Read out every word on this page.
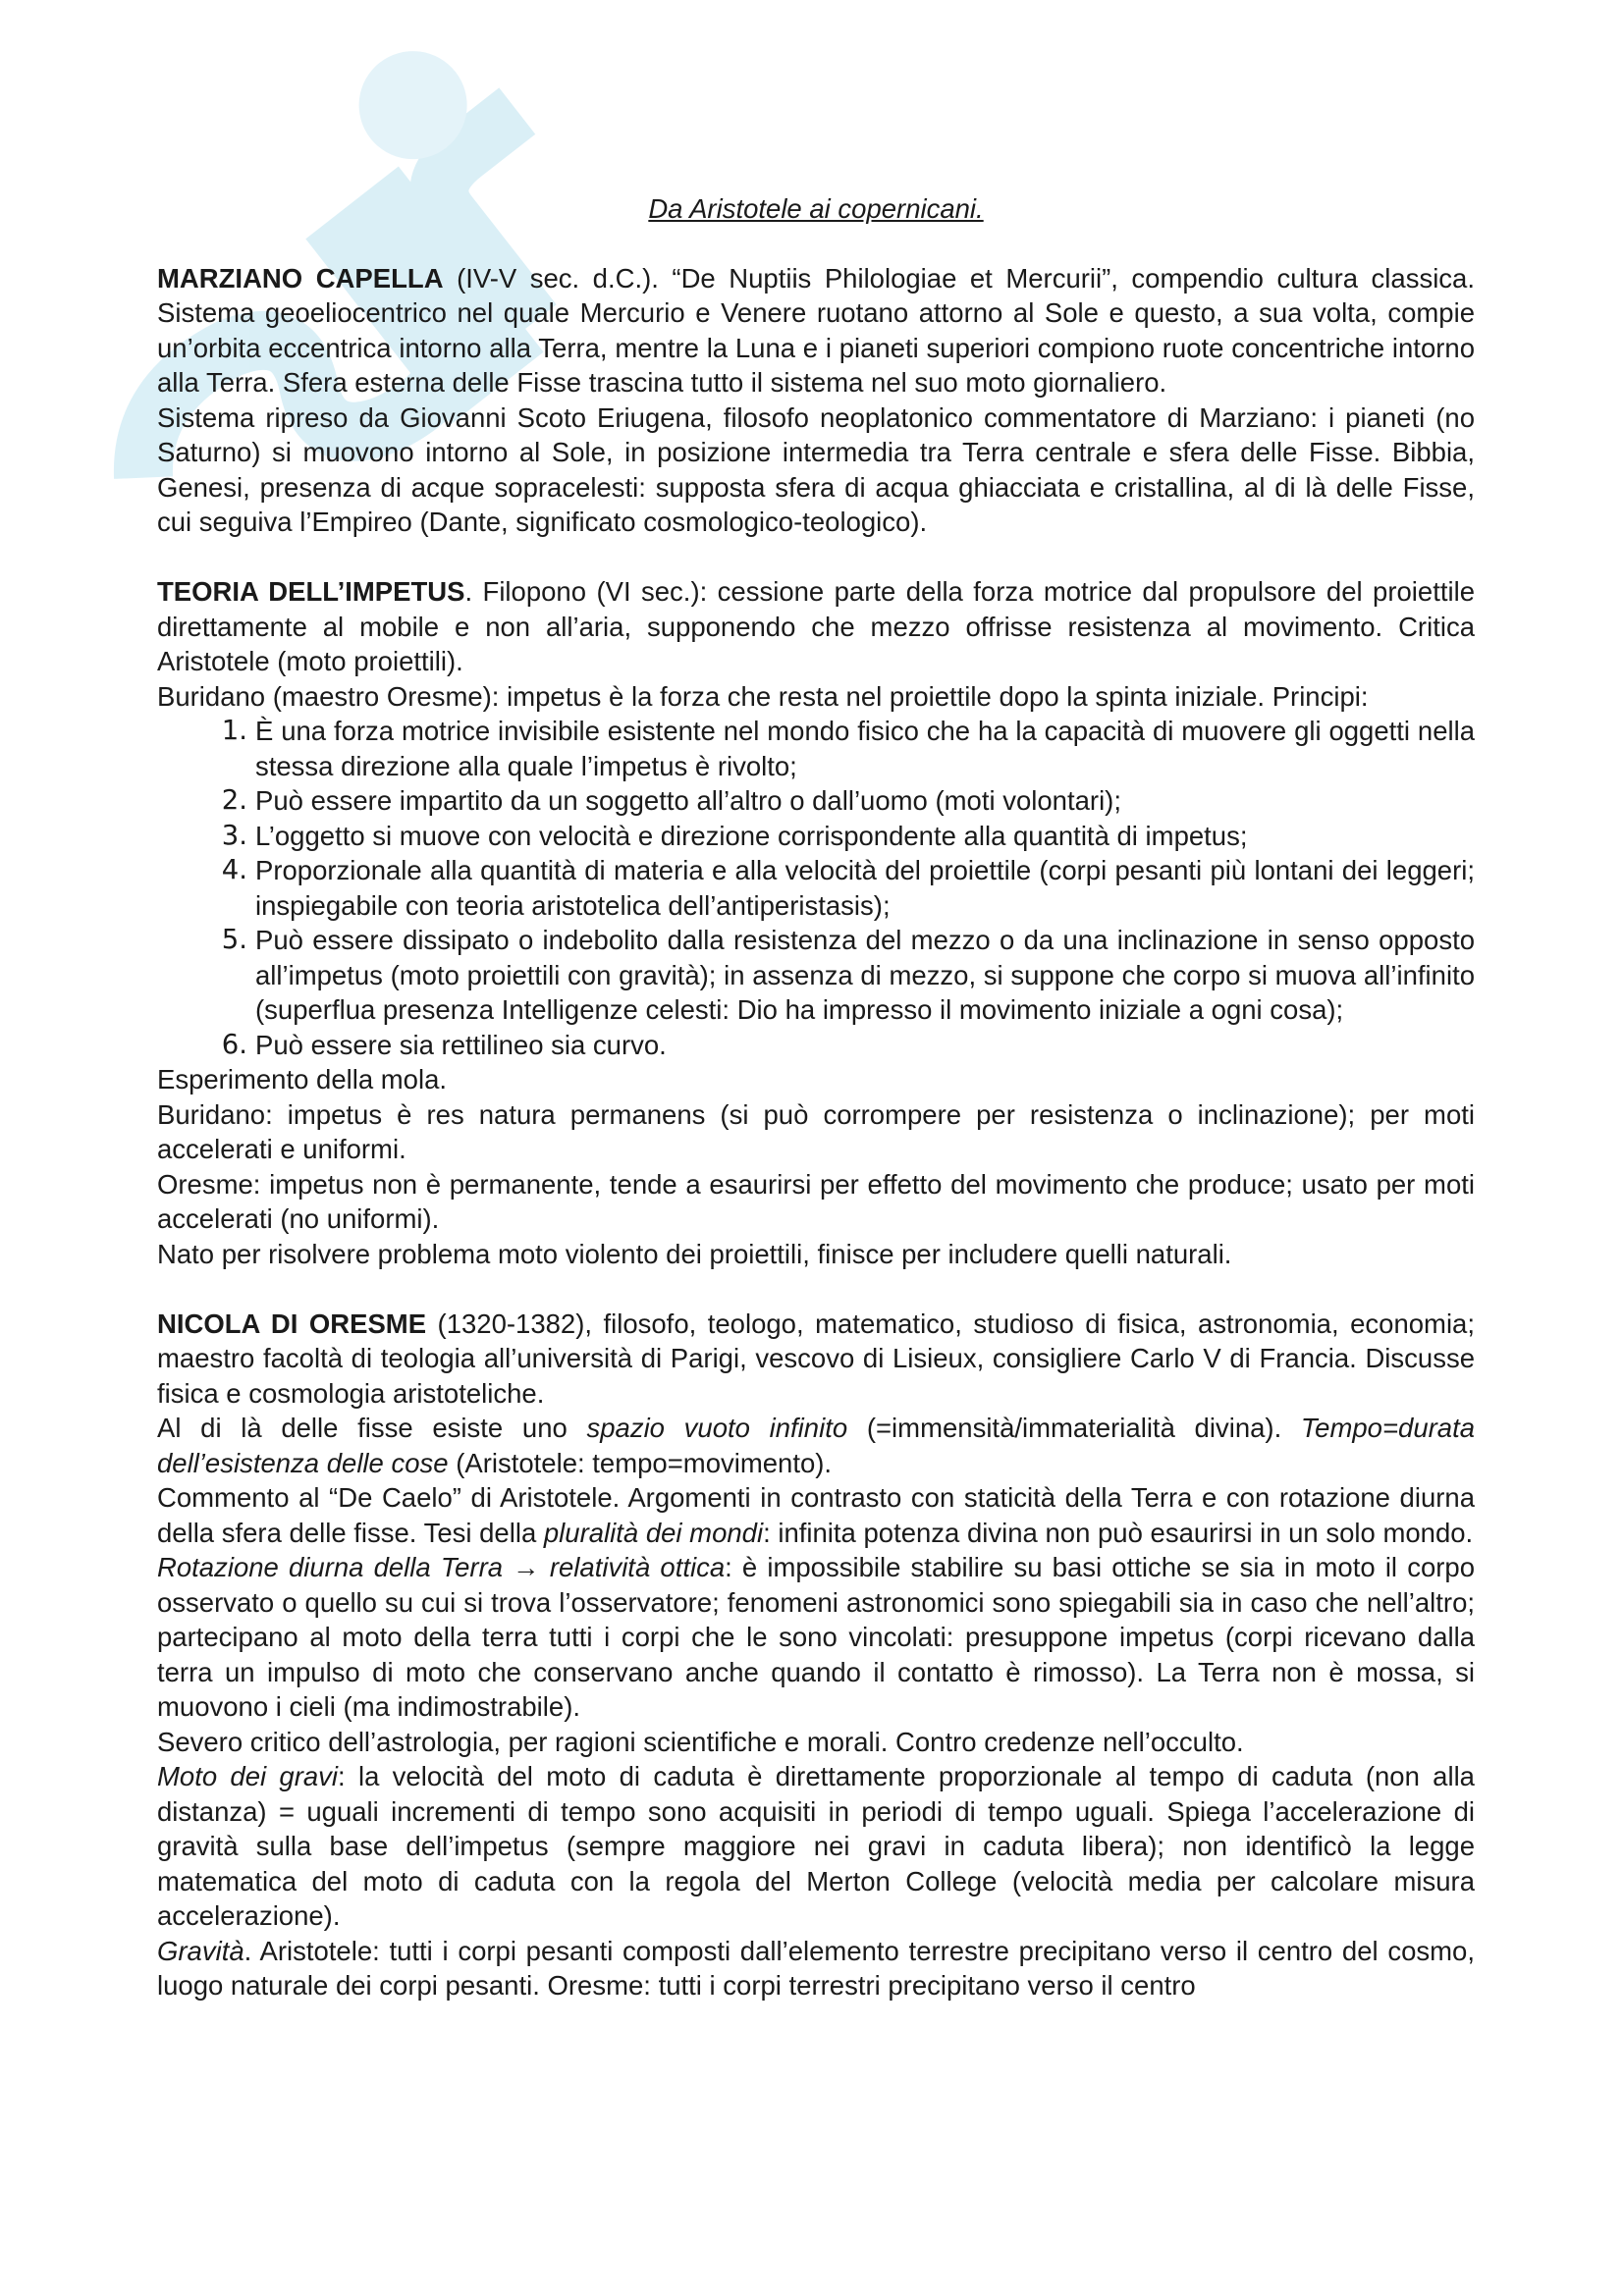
Da Aristotele ai copernicani.

MARZIANO CAPELLA (IV-V sec. d.C.). “De Nuptiis Philologiae et Mercurii”, compendio cultura classica. Sistema geoeliocentrico nel quale Mercurio e Venere ruotano attorno al Sole e questo, a sua volta, compie un’orbita eccentrica intorno alla Terra, mentre la Luna e i pianeti superiori compiono ruote concentriche intorno alla Terra. Sfera esterna delle Fisse trascina tutto il sistema nel suo moto giornaliero.

Sistema ripreso da Giovanni Scoto Eriugena, filosofo neoplatonico commentatore di Marziano: i pianeti (no Saturno) si muovono intorno al Sole, in posizione intermedia tra Terra centrale e sfera delle Fisse. Bibbia, Genesi, presenza di acque sopracelesti: supposta sfera di acqua ghiacciata e cristallina, al di là delle Fisse, cui seguiva l’Empireo (Dante, significato cosmologico-teologico).

TEORIA DELL’IMPETUS. Filopono (VI sec.): cessione parte della forza motrice dal propulsore del proiettile direttamente al mobile e non all’aria, supponendo che mezzo offrisse resistenza al movimento. Critica Aristotele (moto proiettili).

Buridano (maestro Oresme): impetus è la forza che resta nel proiettile dopo la spinta iniziale. Principi:

1. È una forza motrice invisibile esistente nel mondo fisico che ha la capacità di muovere gli oggetti nella stessa direzione alla quale l’impetus è rivolto;
2. Può essere impartito da un soggetto all’altro o dall’uomo (moti volontari);
3. L’oggetto si muove con velocità e direzione corrispondente alla quantità di impetus;
4. Proporzionale alla quantità di materia e alla velocità del proiettile (corpi pesanti più lontani dei leggeri; inspiegabile con teoria aristotelica dell’antiperistasis);
5. Può essere dissipato o indebolito dalla resistenza del mezzo o da una inclinazione in senso opposto all’impetus (moto proiettili con gravità); in assenza di mezzo, si suppone che corpo si muova all’infinito (superflua presenza Intelligenze celesti: Dio ha impresso il movimento iniziale a ogni cosa);
6. Può essere sia rettilineo sia curvo.

Esperimento della mola.

Buridano: impetus è res natura permanens (si può corrompere per resistenza o inclinazione); per moti accelerati e uniformi.

Oresme: impetus non è permanente, tende a esaurirsi per effetto del movimento che produce; usato per moti accelerati (no uniformi).

Nato per risolvere problema moto violento dei proiettili, finisce per includere quelli naturali.

NICOLA DI ORESME (1320-1382), filosofo, teologo, matematico, studioso di fisica, astronomia, economia; maestro facoltà di teologia all’università di Parigi, vescovo di Lisieux, consigliere Carlo V di Francia. Discusse fisica e cosmologia aristoteliche.

Al di là delle fisse esiste uno spazio vuoto infinito (=immensità/immaterialità divina). Tempo=durata dell’esistenza delle cose (Aristotele: tempo=movimento).

Commento al “De Caelo” di Aristotele. Argomenti in contrasto con staticità della Terra e con rotazione diurna della sfera delle fisse. Tesi della pluralità dei mondi: infinita potenza divina non può esaurirsi in un solo mondo.

Rotazione diurna della Terra → relatività ottica: è impossibile stabilire su basi ottiche se sia in moto il corpo osservato o quello su cui si trova l’osservatore; fenomeni astronomici sono spiegabili sia in caso che nell’altro; partecipano al moto della terra tutti i corpi che le sono vincolati: presuppone impetus (corpi ricevano dalla terra un impulso di moto che conservano anche quando il contatto è rimosso). La Terra non è mossa, si muovono i cieli (ma indimostrabile).

Severo critico dell’astrologia, per ragioni scientifiche e morali. Contro credenze nell’occulto.

Moto dei gravi: la velocità del moto di caduta è direttamente proporzionale al tempo di caduta (non alla distanza) = uguali incrementi di tempo sono acquisiti in periodi di tempo uguali. Spiega l’accelerazione di gravità sulla base dell’impetus (sempre maggiore nei gravi in caduta libera); non identificò la legge matematica del moto di caduta con la regola del Merton College (velocità media per calcolare misura accelerazione).

Gravità. Aristotele: tutti i corpi pesanti composti dall’elemento terrestre precipitano verso il centro del cosmo, luogo naturale dei corpi pesanti. Oresme: tutti i corpi terrestri precipitano verso il centro
